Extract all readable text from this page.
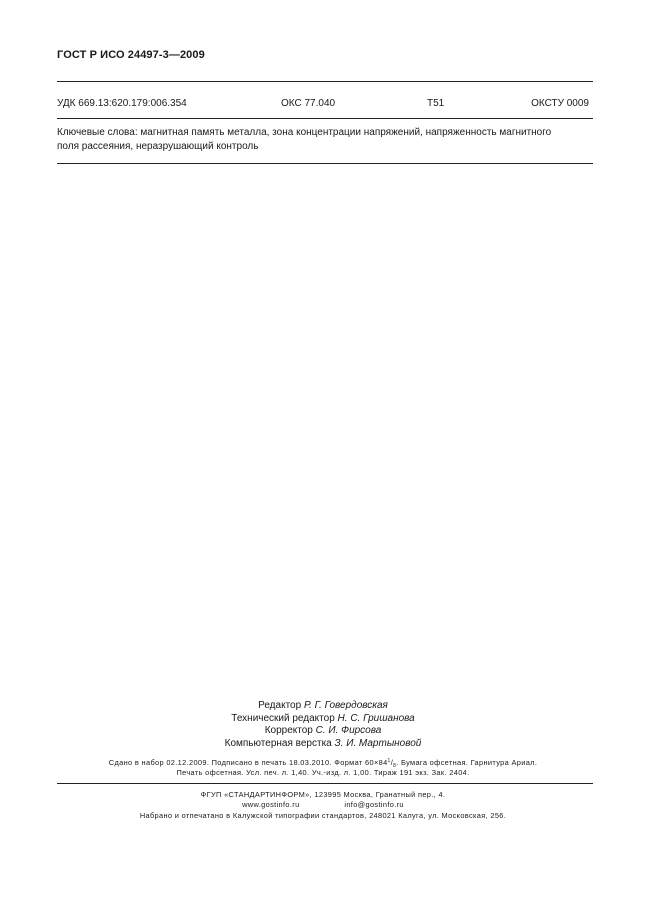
ГОСТ Р ИСО 24497-3—2009
УДК 669.13:620.179:006.354	ОКС 77.040	Т51	ОКСТУ 0009
Ключевые слова: магнитная память металла, зона концентрации напряжений, напряженность магнитного
поля рассеяния, неразрушающий контроль
Редактор Р. Г. Говердовская
Технический редактор Н. С. Гришанова
Корректор С. И. Фирсова
Компьютерная верстка З. И. Мартыновой
Сдано в набор 02.12.2009. Подписано в печать 18.03.2010. Формат $60\times 84^1/_8$. Бумага офсетная. Гарнитура Ариал.
Печать офсетная. Усл. печ. л. 1,40. Уч.-изд. л. 1,00. Тираж 191 экз. Зак. 2404.
ФГУП «СТАНДАРТИНФОРМ», 123995 Москва, Гранатный пер., 4.
www.gostinfo.ru	info@gostinfo.ru
Набрано и отпечатано в Калужской типографии стандартов, 248021 Калуга, ул. Московская, 256.
